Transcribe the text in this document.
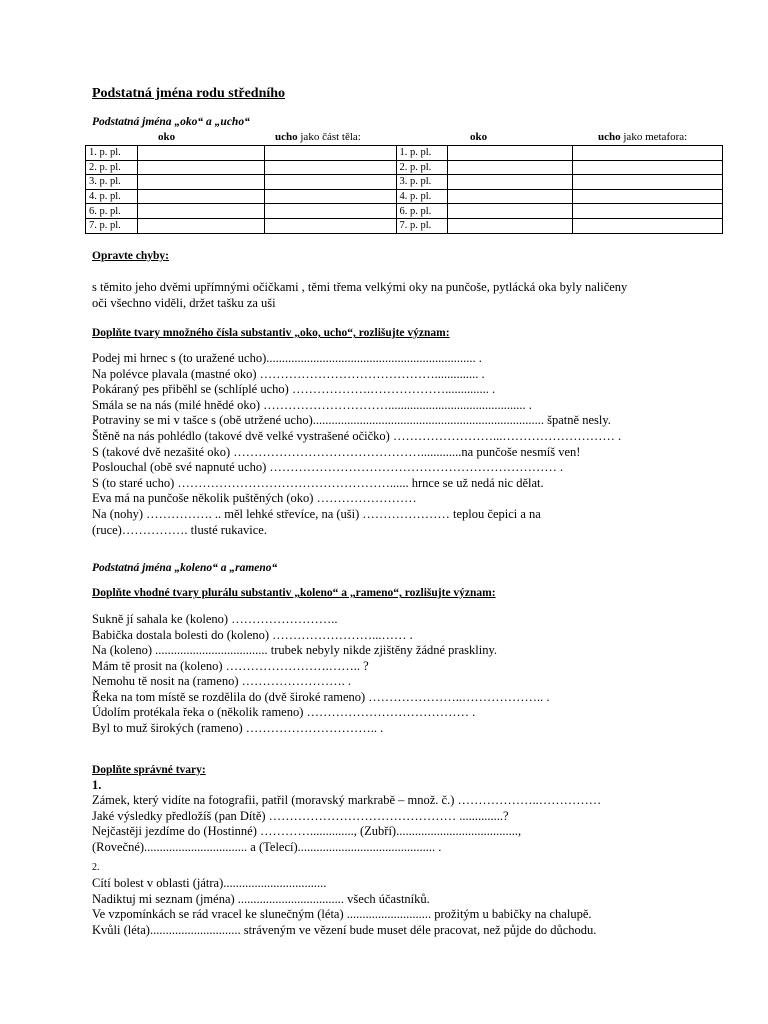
Podstatná jména rodu středního
Podstatná jména „oko“ a „ucho“
oko	ucho jako část těla:	oko	ucho jako metafora:
1. p. pl.			1. p. pl.		
2. p. pl.			2. p. pl.		
3. p. pl.			3. p. pl.		
4. p. pl.			4. p. pl.		
6. p. pl.			6. p. pl.		
7. p. pl.			7. p. pl.		
Opravte chyby:
s těmito jeho dvěmi upřímnými očičkami , těmi třema velkými oky na punčoše, pytlácká oka byly naličeny
oči všechno viděli, držet tašku za uši
Doplňte tvary množného čísla substantiv „oko, ucho“, rozlišujte význam:
Podej mi hrnec s (to uražené ucho)................................................................... .
Na polévce plavala (mastné oko) …………………………………….............. .
Pokáraný pes přiběhl se (schlíplé ucho) ……………….……………….............. .
Smála se na nás (milé hnědé oko) …………………………............................................ .
Potraviny se mi v tašce s (obě utržené ucho).......................................................................... špatně nesly.
Štěně na nás pohlédlo (takové dvě velké vystrašené očičko) ……………………...……………………… .
S (takové dvě nezašité oko) ……………………………………….............na punčoše nesmíš ven!
Poslouchal (obě své napnuté ucho) …………………………………………………………… .
S (to staré ucho) ……………………………………………...... hrnce se už nedá nic dělat.
Eva má na punčoše několik puštěných (oko) ……………………
Na (nohy) ……………. .. měl lehké střevíce, na (uši) ………………… teplou čepici a na
(ruce)……………. tlusté rukavice.
Podstatná jména „koleno“ a „rameno“
Doplňte vhodné tvary plurálu substantiv „koleno“ a „rameno“, rozlišujte význam:
Sukně jí sahala ke (koleno) ……………………..
Babička dostala bolesti do (koleno) ……………………...…… .
Na (koleno) .................................... trubek nebyly nikde zjištěny žádné praskliny.
Mám tě prosit na (koleno) …………………….…….. ?
Nemohu tě nosit na (rameno) ……………………. .
Řeka na tom místě se rozdělila do (dvě široké rameno) …………………..……………….. .
Údolím protékala řeka o (několik rameno) ………………………………… .
Byl to muž širokých (rameno) ………………………….. .
Doplňte správné tvary:
1.
Zámek, který vidíte na fotografii, patřil (moravský markrabě – množ. č.) ………………..……………
Jaké výsledky předložíš (pan Dítě) ……………………………………… ..............?
Nejčastěji jezdíme do (Hostinné) ………….............., (Zubří).......................................,
(Rovečné)................................. a (Telecí)............................................ .
2.
Cítí bolest v oblasti (játra).................................
Nadiktuj mi seznam (jména) .................................. všech účastníků.
Ve vzpomínkách se rád vracel ke slunečným (léta) ........................... prožitým u babičky na chalupě.
Kvůli (léta)............................. stráveným ve vězení bude muset déle pracovat, než půjde do důchodu.
